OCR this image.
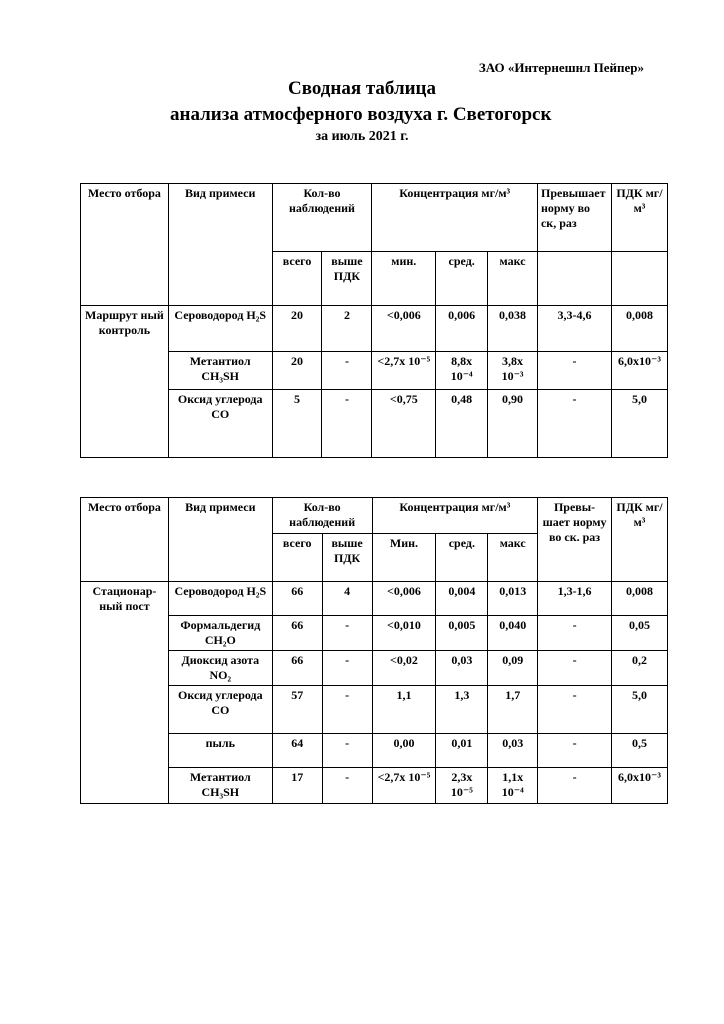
ЗАО «Интернешнл Пейпер»
Сводная таблица
анализа атмосферного воздуха г. Светогорск
за июль 2021 г.
Место отбора	Вид примеси	Кол-во наблюдений		Концентрация мг/м³			Превышает норму во ск, раз	ПДК мг/м³
		всего	выше ПДК	мин.	сред.	макс		
Маршрут ный контроль	Сероводород H₂S	20	2	<0,006	0,006	0,038	3,3-4,6	0,008
	Метантиол CH₃SH	20	-	<2,7х 10⁻⁵	8,8х 10⁻⁴	3,8х 10⁻³	-	6,0х10⁻³
	Оксид углерода CO	5	-	<0,75	0,48	0,90	-	5,0
Место отбора	Вид примеси	Кол-во наблюдений		Концентрация мг/м³			Превы- шает норму во ск. раз	ПДК мг/м³
		всего	выше ПДК	Мин.	сред.	макс		
Стационар- ный пост	Сероводород H₂S	66	4	<0,006	0,004	0,013	1,3-1,6	0,008
	Формальдегид CH₂O	66	-	<0,010	0,005	0,040	-	0,05
	Диоксид азота NO₂	66	-	<0,02	0,03	0,09	-	0,2
	Оксид углерода CO	57	-	1,1	1,3	1,7	-	5,0
	пыль	64	-	0,00	0,01	0,03	-	0,5
	Метантиол CH₃SH	17	-	<2,7х 10⁻⁵	2,3х 10⁻⁵	1,1х 10⁻⁴	-	6,0х10⁻³
